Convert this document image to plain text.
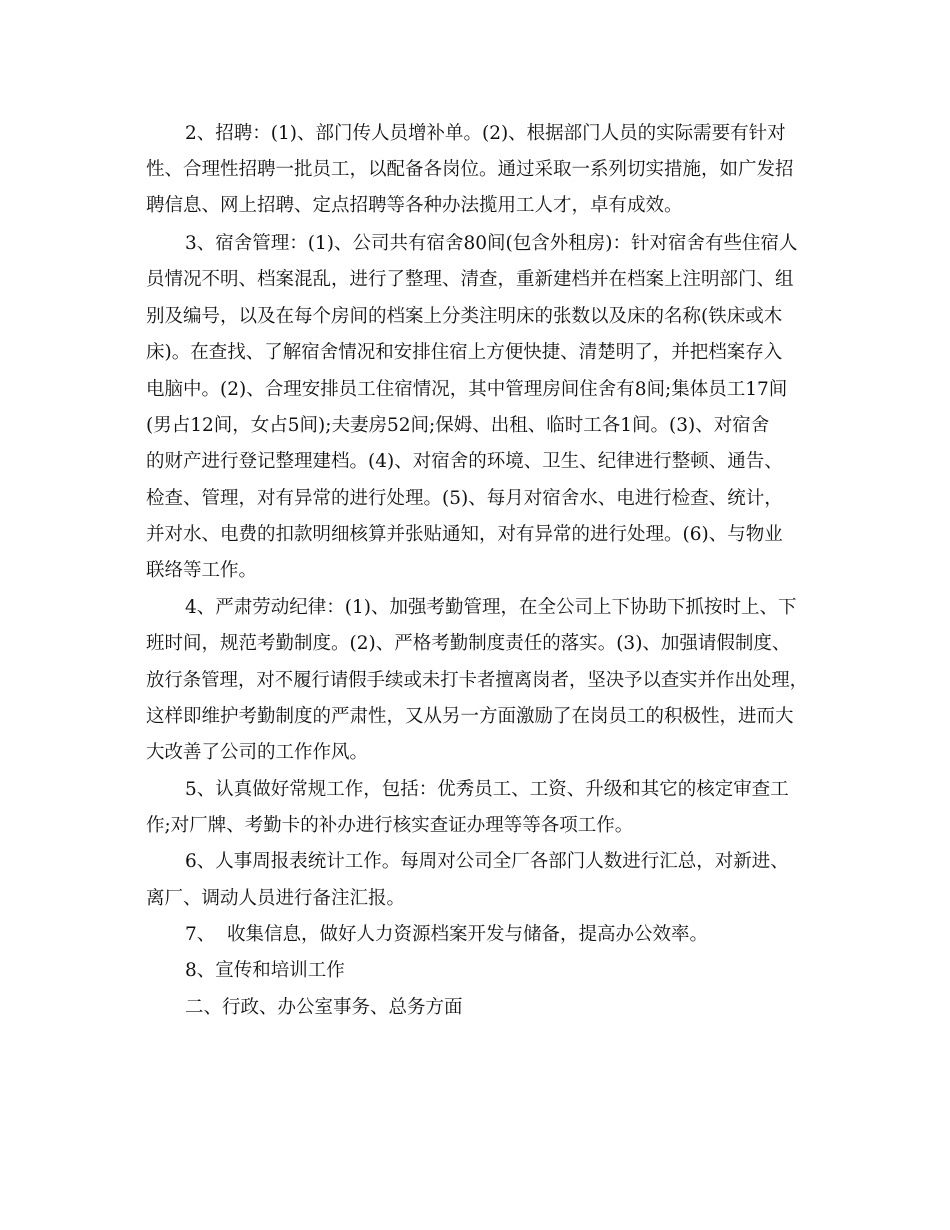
2、招聘：(1)、部门传人员增补单。(2)、根据部门人员的实际需要有针对
性、合理性招聘一批员工，以配备各岗位。通过采取一系列切实措施，如广发招
聘信息、网上招聘、定点招聘等各种办法揽用工人才，卓有成效。
3、宿舍管理：(1)、公司共有宿舍80间(包含外租房)：针对宿舍有些住宿人
员情况不明、档案混乱，进行了整理、清查，重新建档并在档案上注明部门、组
别及编号，以及在每个房间的档案上分类注明床的张数以及床的名称(铁床或木
床)。在查找、了解宿舍情况和安排住宿上方便快捷、清楚明了，并把档案存入
电脑中。(2)、合理安排员工住宿情况，其中管理房间住舍有8间;集体员工17间
(男占12间，女占5间);夫妻房52间;保姆、出租、临时工各1间。(3)、对宿舍
的财产进行登记整理建档。(4)、对宿舍的环境、卫生、纪律进行整顿、通告、
检查、管理，对有异常的进行处理。(5)、每月对宿舍水、电进行检查、统计，
并对水、电费的扣款明细核算并张贴通知，对有异常的进行处理。(6)、与物业
联络等工作。
4、严肃劳动纪律：(1)、加强考勤管理，在全公司上下协助下抓按时上、下
班时间，规范考勤制度。(2)、严格考勤制度责任的落实。(3)、加强请假制度、
放行条管理，对不履行请假手续或未打卡者擅离岗者，坚决予以查实并作出处理，
这样即维护考勤制度的严肃性，又从另一方面激励了在岗员工的积极性，进而大
大改善了公司的工作作风。
5、认真做好常规工作，包括：优秀员工、工资、升级和其它的核定审查工
作;对厂牌、考勤卡的补办进行核实查证办理等等各项工作。
6、人事周报表统计工作。每周对公司全厂各部门人数进行汇总，对新进、
离厂、调动人员进行备注汇报。
7、  收集信息，做好人力资源档案开发与储备，提高办公效率。
8、宣传和培训工作
二、行政、办公室事务、总务方面
